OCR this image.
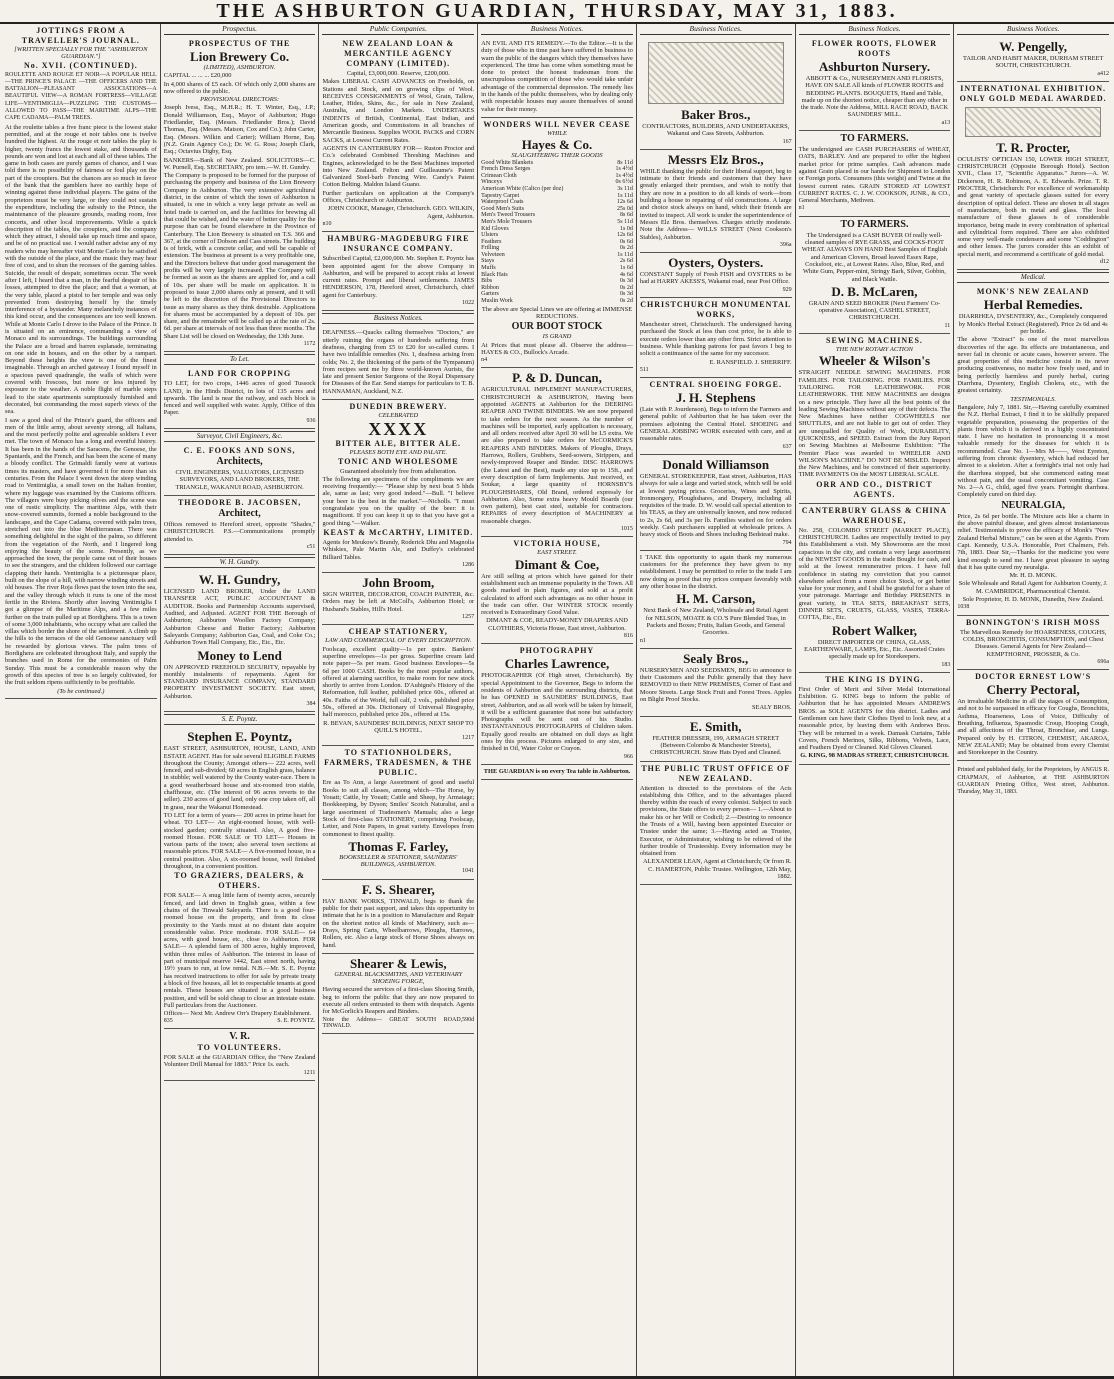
THE ASHBURTON GUARDIAN, THURSDAY, MAY 31, 1883.
JOTTINGS FROM A TRAVELLER'S JOURNAL.
[WRITTEN SPECIALLY FOR THE "ASHBURTON GUARDIAN."]
No. XVII. (CONTINUED).

ROULETTE AND ROUGE ET NOIR—A POPULAR HELL—THE PRINCE'S PALACE —THE OFFICERS AND THE BATTALION—PLEASANT ASSOCIATIONS—A BEAUTIFUL VIEW—A ROMAN FORTRESS—VILLAGE LIFE—VENTIMIGLIA—PUZZLING THE CUSTOMS—ALLOWED TO PASS—THE MARITIME ALPS—THE CAPE CADAMA—PALM TREES.

At the roulette tables a five franc piece is the lowest stake permitted, and at the rouge et noir tables one is twelve hundred the highest. At the rouge et noir tables the play is higher, twenty francs the lowest stake, and thousands of pounds are won and lost at each and all of these tables. The game in both cases are purely games of chance, and I was told there is no possibility of fairness or foul play on the part of the croupiers. But the chances are so much in favor of the bank that the gamblers have no earthly hope of winning against these individual players. The gains of the proprietors must be very large, or they could not sustain the expenditure, including the subsidy to the Prince, the maintenance of the pleasure grounds, reading room, free concerts, and other local improvements. While a quick description of the tables, the croupiers, and the company which they attract, I should take up much time and space, and be of no practical use. I would rather advise any of my readers who may hereafter visit Monte Carlo to be satisfied with the outside of the place, and the music they may hear free of cost, and to shun the recesses of the gaming tables. Suicide, the result of despair, sometimes occur. The week after I left, I heard that a man, in the fearful despair of his losses, attempted to dive the place; and that a woman, at the very table, placed a pistol to her temple and was only prevented from destroying herself by the timely interference of a bystander. Many melancholy instances of this kind occur, and the consequences are too well known. While at Monte Carlo I drove to the Palace of the Prince. It is situated on an eminence, commanding a view of Monaco and its surroundings. The buildings surrounding the Palace are a broad and barren esplanade, terminating on one side in houses, and on the other by a rampart. Beyond these heights the view is one of the finest imaginable. Through an arched gateway I found myself in a spacious paved quadrangle, the walls of which were covered with frescoes, but more or less injured by exposure to the weather. A noble flight of marble steps lead to the state apartments sumptuously furnished and decorated, but commanding the most superb views of the sea.

I saw a good deal of the Prince's guard, the officers and men of the little army, about seventy strong, all Italians, and the most perfectly polite and agreeable soldiers I ever met. The town of Monaco has a long and eventful history. It has been in the hands of the Saracens, the Genoese, the Spaniards, and the French, and has been the scene of many a bloody conflict. The Grimaldi family were at various times its masters, and have governed it for more than six centuries. From the Palace I went down the steep winding road to Ventimiglia, a small town on the Italian frontier, where my luggage was examined by the Customs officers. The villagers were busy picking olives and the scene was one of rustic simplicity. The maritime Alps, with their snow-covered summits, formed a noble background to the landscape, and the Cape Cadama, covered with palm trees, stretched out into the blue Mediterranean. There was something delightful in the sight of the palms, so different from the vegetation of the North, and I lingered long enjoying the beauty of the scene. Presently, as we approached the town, the people came out of their houses to see the strangers, and the children followed our carriage clapping their hands. Ventimiglia is a picturesque place, built on the slope of a hill, with narrow winding streets and old houses. The river Roja flows past the town into the sea, and the valley through which it runs is one of the most fertile in the Riviera. Shortly after leaving Ventimiglia I got a glimpse of the Maritime Alps, and a few miles further on the train pulled up at Bordighera. This is a town of some 3,000 inhabitants, who occupy what are called the villas which border the shore of the settlement. A climb up the hills to the terraces of the old Genoese sanctuary will be rewarded by glorious views. The palm trees of Bordighera are celebrated throughout Italy, and supply the branches used in Rome for the ceremonies of Palm Sunday. This must be a considerable reason why the growth of this species of tree is so largely cultivated, for the fruit seldom ripens sufficiently to be profitable.

(To be continued.)
Prospectus.
PROSPECTUS OF THE
Lion Brewery Co.
(LIMITED), ASHBURTON.

CAPITAL ... ... ... £20,000

In 4,000 shares of £5 each. Of which only 2,000 shares are now offered to the public.

PROVISIONAL DIRECTORS:

Joseph Ivess, Esq., M.H.R.; H. T. Winter, Esq., J.P.; Donald Williamson, Esq., Mayor of Ashburton; Hugo Friedlander, Esq. (Messrs. Friedlander Bros.); David Thomas, Esq. (Messrs. Matson, Cox and Co.); John Carter, Esq. (Messrs. Wilkin and Carter); William Horne, Esq. (N.Z. Grain Agency Co.); Dr. W. G. Ross; Joseph Clark, Esq.; Octavius Digby, Esq.

BANKERS—Bank of New Zealand. SOLICITORS—C. W. Purnell, Esq. SECRETARY, pro tem.—W. H. Gundry.

The Company is proposed to be formed for the purpose of purchasing the property and business of the Lion Brewery Company in Ashburton. The very extensive agricultural district, in the centre of which the town of Ashburton is situated, is one in which a very large private as well as hotel trade is carried on, and the facilities for brewing all that could be wished, and the water of better quality for the purpose than can be found elsewhere in the Province of Canterbury. The Lion Brewery is situated on T.S. 366 and 367, at the corner of Dobson and Cass streets. The building is of brick, with a concrete cellar, and will be capable of extension. The business at present is a very profitable one, and the Directors believe that under good management the profits will be very largely increased. The Company will be formed as soon as the shares are applied for, and a call of 10s. per share will be made on application. It is proposed to issue 2,000 shares only at present, and it will be left to the discretion of the Provisional Directors to issue as many shares as they think desirable. Applications for shares must be accompanied by a deposit of 10s. per share, and the remainder will be called up at the rate of 2s. 6d. per share at intervals of not less than three months. The Share List will be closed on Wednesday, the 13th June.

1172
To Let.
LAND FOR CROPPING

TO LET, for two crops, 1446 acres of good Tussock LAND, in the Hinds District, in lots of 135 acres and upwards. The land is near the railway, and each block is fenced and well supplied with water. Apply, Office of this Paper.

936
Surveyor, Civil Engineers, &c.
C. E. FOOKS AND SONS,
Architects,

CIVIL ENGINEERS, VALUATORS, LICENSED SURVEYORS, AND LAND BROKERS, THE TRIANGLE, WAKANUI ROAD, ASHBURTON.

THEODORE B. JACOBSEN,
Architect,

Offices removed to Hereford street, opposite "Shades," CHRISTCHURCH. P.S.—Communications promptly attended to.

c51
W. H. Gundry.
W. H. Gundry,

LICENSED LAND BROKER, Under the LAND TRANSFER ACT, PUBLIC ACCOUNTANT & AUDITOR. Books and Partnership Accounts supervised, Audited, and Adjusted. AGENT FOR THE Borough of Ashburton; Ashburton Woollen Factory Company; Ashburton Cheese and Butter Factory; Ashburton Saleyards Company; Ashburton Gas, Coal, and Coke Co.; Ashburton Town Hall Company, Etc., Etc., Etc.

Money to Lend

ON APPROVED FREEHOLD SECURITY, repayable by monthly instalments of repayments. Agent for STANDARD INSURANCE COMPANY, STANDARD PROPERTY INVESTMENT SOCIETY. East street, Ashburton.

384
S. E. Poyntz.
Stephen E. Poyntz,

EAST STREET, ASHBURTON, HOUSE, LAND, AND ESTATE AGENT. Has for sale several ELIGIBLE FARMS throughout the County; Amongst others— 222 acres, well fenced, and sub-divided; 60 acres in English grass, balance in stubble; well watered by the County water-race. There is a good weatherboard house and six-roomed iron stable, chaffhouse, etc. (The interest of 96 acres reverts to the seller). 230 acres of good land, only one crop taken off, all in grass, near the Wakanui Homestead.

TO LET for a term of years— 200 acres in prime heart for wheat. TO LET— An eight-roomed house, with well-stocked garden; centrally situated. Also, A good five-roomed House. FOR SALE or TO LET— Houses in various parts of the town; also several town sections at reasonable prices. FOR SALE— A five-roomed house, in a central position. Also, A six-roomed house, well finished throughout, in a convenient position.

TO GRAZIERS, DEALERS, & OTHERS.

FOR SALE— A snug little farm of twenty acres, securely fenced, and laid down in English grass, within a few chains of the Tinwald Saleyards. There is a good four-roomed house on the property, and from its close proximity to the Yards must at no distant date acquire considerable value. Price moderate. FOR SALE— 64 acres, with good house, etc., close to Ashburton. FOR SALE— A splendid farm of 300 acres, highly improved, within three miles of Ashburton. The interest in lease of part of municipal reserve 1442, East street north, having 19½ years to run, at low rental. N.B.—Mr. S. E. Poyntz has received instructions to offer for sale by private treaty a block of five houses, all let to respectable tenants at good rentals. These houses are situated in a good business position, and will be sold cheap to close an intestate estate. Full particulars from the Auctioneer.

Offices— Next Mr. Andrew Orr's Drapery Establishment.

835	S. E. POYNTZ.
V. R.
TO VOLUNTEERS.

FOR SALE at the GUARDIAN Office, the "New Zealand Volunteer Drill Manual for 1883." Price 1s. each.

1211
Public Companies.
NEW ZEALAND LOAN & MERCANTILE AGENCY COMPANY (LIMITED).

Capital, £3,000,000. Reserve, £200,000.

Makes LIBERAL CASH ADVANCES on Freeholds, on Stations and Stock, and on growing clips of Wool. RECEIVES CONSIGNMENTS of Wool, Grain, Tallow, Leather, Hides, Skins, &c., for sale in New Zealand, Australia, and London Markets. UNDERTAKES INDENTS of British, Continental, East Indian, and American goods, and Commissions in all branches of Mercantile Business. Supplies WOOL PACKS and CORN SACKS, at Lowest Current Rates.

AGENTS IN CANTERBURY FOR— Ruston Proctor and Co.'s celebrated Combined Threshing Machines and Engines, acknowledged to be the Best Machines imported into New Zealand. Felton and Guilleaume's Patent Galvanized Steel-barb Fencing Wire. Candy's Patent Cotton Belting. Maldon Island Guano.

Further particulars on application at the Company's Offices, Christchurch or Ashburton.

JOHN COOKE, Manager, Christchurch. GEO. WILKIN, Agent, Ashburton.

n10
HAMBURG-MAGDEBURG FIRE INSURANCE COMPANY.

Subscribed Capital, £2,000,000. Mr. Stephen E. Poyntz has been appointed agent for the above Company in Ashburton, and will be prepared to accept risks at lowest current rates. Prompt and liberal settlements. JAMES HENDERSON, 178, Hereford street, Christchurch, chief agent for Canterbury.

1022
Business Notices.

DEAFNESS.—Quacks calling themselves "Doctors," are utterly ruining the organs of hundreds suffering from deafness, charging from £5 to £20 for so-called cures. I have two infallible remedies (No. 1, deafness arising from colds; No. 2, the thickening of the parts of the Tympanum) from recipes sent me by three world-known Aurists, the late and present Senior Surgeons of the Royal Dispensary for Diseases of the Ear. Send stamps for particulars to T. B. HANNAMAN, Auckland, N.Z.

DUNEDIN BREWERY.
CELEBRATED
XXXX
BITTER ALE, BITTER ALE.
PLEASES BOTH EYE AND PALATE.
TONIC AND WHOLESOME

Guaranteed absolutely free from adulteration.

The following are specimens of the compliments we are receiving frequently:— "Please ship by next boat 5 hhds ale, same as last; very good indeed."—Bull. "I believe your beer is the best in the market."—Nicholls. "I must congratulate you on the quality of the beer: it is magnificent. If you can keep it up to that you have got a good thing."—Walker.

KEAST & McCARTHY, LIMITED.

Agents for Meukow's Brandy, Roderick Dhu and Magnolia Whiskies, Pale Martin Ale, and Duffey's celebrated Billiard Tables.

1286
John Broom,

SIGN WRITER, DECORATOR, COACH PAINTER, &c. Orders may be left at McColl's, Ashburton Hotel; or Husband's Stables, Hill's Hotel.

1257
CHEAP STATIONERY,
LAW AND COMMERCIAL OF EVERY DESCRIPTION.

Foolscap, excellent quality—1s per quire. Bankers' superfine envelopes—1s per gross. Superfine cream laid note paper—5s per ream. Good business Envelopes—5s 6d per 1000 CASH. Books by the most popular authors, offered at alarming sacrifice, to make room for new stock shortly to arrive from London. D'Aubigné's History of the Reformation, full leather, published price 60s., offered at 40s. Faiths of the World, full calf, 2 vols., published price 50s., offered at 30s. Dictionary of Universal Biography, half morocco, published price 20s., offered at 15s.

R. BEVAN, SAUNDERS' BUILDINGS, NEXT SHOP TO QUILL'S HOTEL.

1217
TO STATIONHOLDERS, FARMERS, TRADESMEN, & THE PUBLIC.

Ere aa To Ann, a large Assortment of good and useful Books to suit all classes, among which—The Horse, by Youatt; Cattle, by Youatt; Cattle and Sheep, by Armatage; Bookkeeping, by Dyson; Smiles' Scotch Naturalist, and a large assortment of Tradesmen's Manuals; also a large Stock of first-class STATIONERY, comprising Foolscap, Letter, and Note Papers, in great variety. Envelopes from commonest to finest quality.

Thomas F. Farley,
BOOKSELLER & STATIONER, SAUNDERS' BUILDINGS, ASHBURTON.
1041
F. S. Shearer,

HAY BANK WORKS, TINWALD, begs to thank the public for their past support, and takes this opportunity to intimate that he is in a position to Manufacture and Repair on the shortest notice all kinds of Machinery, such as—Drays, Spring Carts, Wheelbarrows, Ploughs, Harrows, Rollers, etc. Also a large stock of Horse Shoes always on hand.

Shearer & Lewis,
GENERAL BLACKSMITHS, AND VETERINARY SHOEING FORGE,

Having secured the services of a first-class Shoeing Smith, beg to inform the public that they are now prepared to execute all orders entrusted to them with despatch. Agents for McGorlick's Reapers and Binders.

Note the Address— GREAT SOUTH ROAD, TINWALD.
590d
Business Notices.

AN EVIL AND ITS REMEDY.—To the Editor.—It is the duty of those who in time past have suffered in business to warn the public of the dangers which they themselves have experienced. The time has come when something must be done to protect the honest tradesman from the unscrupulous competition of those who would take unfair advantage of the commercial depression. The remedy lies in the hands of the public themselves, who by dealing only with respectable houses may assure themselves of sound value for their money.

WONDERS WILL NEVER CEASE
WHILE
Hayes & Co.
SLAUGHTERING THEIR GOODS
Good White Blankets	8s 11d
French Dress Serges	1s 4½d
Crimean Cloth	1s 4½d
Winceys	0s 6½d
American White (Calico (per doz)	3s 11d
Tapestry Carpet	1s 11d
Waterproof Coats	12s 6d
Good Men's Suits	25s 0d
Men's Tweed Trousers	8s 6d
Men's Mole Trousers	5s 11d
Kid Gloves	1s 0d
Ulsters	12s 6d
Feathers	0s 6d
Frilling	0s 2d
Velveteen	1s 11d
Stays	2s 6d
Muffs	1s 6d
Black Hats	4s 6d
Bibs	0s 3d
Ribbon	0s 2d
Garters	0s 3d
Muslin Work	0s 2d

The above are Special Lines we are offering at IMMENSE REDUCTIONS.

OUR BOOT STOCK
IS GRAND

At Prices that must please all. Observe the address— HAYES & CO., Bullock's Arcade.

n4
P. & D. Duncan,

AGRICULTURAL IMPLEMENT MANUFACTURERS, CHRISTCHURCH & ASHBURTON, Having been appointed AGENTS at Ashburton for the DEERING REAPER AND TWINE BINDERS. We are now prepared to take orders for the next season. As the number of machines will be imported, early application is necessary, and all orders received after April 30 will be L5 extra. We are also prepared to take orders for McCORMICK'S REAPERS AND BINDERS. Makers of Ploughs, Drays, Harrows, Rollers, Grubbers, Seed-sowers, Strippers, and newly-improved Reaper and Binder. DISC HARROWS (the Latest and the Best), made any size up to 15ft., and every description of farm Implements. Just received, ex Soukar, a large quantity of HORNSBY'S PLOUGHSHARES, Old Brand, ordered expressly for Ashburton. Also, Some extra heavy Mould Boards (our own pattern), best cast steel, suitable for contractors. REPAIRS of every description of MACHINERY at reasonable charges.

1015
VICTORIA HOUSE,
EAST STREET.
Dimant & Coe,

Are still selling at prices which have gained for their establishment such an immense popularity in the Town. All goods marked in plain figures, and sold at a profit calculated to afford such advantages as no other house in the trade can offer. Our WINTER STOCK recently received is Extraordinary Good Value.

DIMANT & COE, READY-MONEY DRAPERS AND CLOTHIERS, Victoria House, East street, Ashburton.

816
PHOTOGRAPHY
Charles Lawrence,

PHOTOGRAPHER (Of High street, Christchurch). By special Appointment to the Governor, Begs to inform the residents of Ashburton and the surrounding districts, that he has OPENED in SAUNDERS' BUILDINGS, East street, Ashburton, and as all work will be taken by himself, it will be a sufficient guarantee that none but satisfactory Photographs will be sent out of his Studio. INSTANTANEOUS PHOTOGRAPHS of Children taken. Equally good results are obtained on dull days as light ones by this process. Pictures enlarged to any size, and finished in Oil, Water Color or Crayon.

966

THE GUARDIAN is on every Tea table in Ashburton.

Business Notices.
Baker Bros.,

CONTRACTORS, BUILDERS, AND UNDERTAKERS, Wakanui and Cass Streets, Ashburton.

167
Messrs Elz Bros.,

WHILE thanking the public for their liberal support, beg to intimate to their friends and customers that they have greatly enlarged their premises, and wish to notify that they are now in a position to do all kinds of work—from building a house to repairing of old constructions. A large and choice stock always on hand, which their friends are invited to inspect. All work is under the superintendence of Messrs Elz Bros. themselves. Charges strictly moderate. Note the Address— WILLS STREET (Next Cookson's Stables), Ashburton.

396a
Oysters, Oysters.

CONSTANT Supply of Fresh FISH and OYSTERS to be had at HARRY AKESS'S, Wakanui road, near Post Office.

929
CHRISTCHURCH MONUMENTAL WORKS,

Manchester street, Christchurch. The undersigned having purchased the Stock at less than cost price, he is able to execute orders lower than any other firm. Strict attention to business. While thanking patrons for past favors I beg to solicit a continuance of the same for my successor.

E. RANSFIELD. J. SHERRIFF.

511
CENTRAL SHOEING FORGE.
J. H. Stephens

(Late with P. Jourdenson), Begs to inform the Farmers and general public of Ashburton that he has taken over the premises adjoining the Central Hotel. SHOEING and GENERAL JOBBING WORK executed with care, and at reasonable rates.

637
Donald Williamson

GENERAL STOREKEEPER, East street, Ashburton, HAS always for sale a large and varied stock, which will be sold at lowest paying prices. Groceries, Wines and Spirits, Ironmongery, Ploughshares, and Drapery, including all requisites of the trade. D. W. would call special attention to his TEAS, as they are universally known, and now reduced to 2s, 2s 6d, and 3s per lb. Families waited on for orders weekly. Cash purchasers supplied at wholesale prices. A heavy stock of Boots and Shoes including Bedstead make.

794

I TAKE this opportunity to again thank my numerous customers for the preference they have given to my establishment. I may be permitted to refer to the trade I am now doing as proof that my prices compare favorably with any other house in the district.

H. M. Carson,

Next Bank of New Zealand, Wholesale and Retail Agent for NELSON, MOATE & CO.'S Pure Blended Teas, in Packets and Boxes; Fruits, Italian Goods, and General Groceries.

n1
Sealy Bros.,

NURSERYMEN AND SEEDSMEN, BEG to announce to their Customers and the Public generally that they have REMOVED to their NEW PREMISES, Corner of East and Moore Streets. Large Stock Fruit and Forest Trees. Apples on Blight Proof Stocks.

SEALY BROS.

E. Smith,

FEATHER DRESSER, 199, ARMAGH STREET (Between Colombo & Manchester Streets), CHRISTCHURCH. Straw Hats Dyed and Cleaned.

THE PUBLIC TRUST OFFICE OF NEW ZEALAND.

Attention is directed to the provisions of the Acts establishing this Office, and to the advantages placed thereby within the reach of every colonist. Subject to such provisions, the State offers to every person— 1.—About to make his or her Will or Codicil; 2.—Desiring to renounce the Trusts of a Will, having been appointed Executor or Trustee under the same; 3.—Having acted as Trustee, Executor, or Administrator, wishing to be relieved of the further trouble of Trusteeship. Every information may be obtained from

ALEXANDER LEAN, Agent at Christchurch; Or from R. C. HAMERTON, Public Trustee. Wellington, 12th May, 1882.

Business Notices.
FLOWER ROOTS, FLOWER ROOTS
Ashburton Nursery.

ABBOTT & Co., NURSERYMEN AND FLORISTS, HAVE ON SALE All kinds of FLOWER ROOTS and BEDDING PLANTS. BOUQUETS, Hand and Table, made up on the shortest notice, cheaper than any other in the trade. Note the Address, MILL RACE ROAD, BACK SAUNDERS' MILL.

a13
TO FARMERS.

The undersigned are CASH PURCHASERS of WHEAT, OATS, BARLEY. And are prepared to offer the highest market price for prime samples. Cash advances made against Grain placed in our hands for Shipment to London or Foreign ports. Consumers (this weight) and Twine at the lowest current rates. GRAIN STORED AT LOWEST CURRENT RATES. C. J. W. COOKSON, JUNR., & CO., General Merchants, Methven.

n1
TO FARMERS.

The Undersigned is a CASH BUYER Of really well-cleaned samples of RYE GRASS, and COCKS-FOOT WHEAT. ALWAYS ON HAND Best Samples of English and American Clovers, Broad leaved Essex Rape, Cocksfoot, etc., at Lowest Rates. Also, Blue, Red, and White Gum, Pepper-mint, Stringy Bark, Silver, Gobbin, and Black Wattle.

D. B. McLaren,

GRAIN AND SEED BROKER (Next Farmers' Co-operative Association), CASHEL STREET, CHRISTCHURCH.

11
SEWING MACHINES.
THE NEW ROTARY ACTION
Wheeler & Wilson's

STRAIGHT NEEDLE SEWING MACHINES. FOR FAMILIES. FOR TAILORING. FOR FAMILIES. FOR TAILORING. FOR LEATHERWORK. FOR LEATHERWORK. THE NEW MACHINES are designs on a new principle. They have all the best points of the leading Sewing Machines without any of their defects. The New Machines have neither COGWHEELS nor SHUTTLES, and are not liable to get out of order. They are unequalled for Quality of Work, DURABILITY, QUICKNESS, and SPEED. Extract from the Jury Report on Sewing Machines at Melbourne Exhibition: "The Premier Place was awarded to WHEELER AND WILSON'S MACHINE." DO NOT BE MISLED. Inspect the New Machines, and be convinced of their superiority. TIME PAYMENTS On the MOST LIBERAL SCALE.

ORR AND CO., DISTRICT AGENTS.
CANTERBURY GLASS & CHINA WAREHOUSE,

No. 258, COLOMBO STREET (MARKET PLACE), CHRISTCHURCH. Ladies are respectfully invited to pay this Establishment a visit. My Showrooms are the most capacious in the city, and contain a very large assortment of the NEWEST GOODS in the trade Bought for cash, and sold at the lowest remunerative prices. I have full confidence in stating my conviction that you cannot elsewhere select from a more choice Stock, or get better value for your money, and I shall be grateful for a share of your patronage. Marriage and Birthday PRESENTS in great variety, in TEA SETS, BREAKFAST SETS, DINNER SETS, CRUETS, GLASS, VASES, TERRA-COTTA, Etc., Etc.

Robert Walker,

DIRECT IMPORTER OF CHINA, GLASS, EARTHENWARE, LAMPS, Etc., Etc. Assorted Crates specially made up for Storekeepers.

183
THE KING IS DYING.

First Order of Merit and Silver Medal International Exhibition. G. KING begs to inform the public of Ashburton that he has appointed Messrs ANDREWS BROS. as SOLE AGENTS for this district. Ladies and Gentlemen can have their Clothes Dyed to look new, at a reasonable price, by leaving them with Andrews Bros. They will be returned in a week. Damask Curtains, Table Covers, French Merinos, Silks, Ribbons, Velvets, Lace, and Feathers Dyed or Cleaned. Kid Gloves Cleaned.

G. KING, 98 MADRAS STREET, CHRISTCHURCH.

Business Notices.
W. Pengelly,

TAILOR AND HABIT MAKER, DURHAM STREET SOUTH, CHRISTCHURCH.

a412
INTERNATIONAL EXHIBITION.
ONLY GOLD MEDAL AWARDED.
T. R. Procter,

OCULISTS' OPTICIAN 150, LOWER HIGH STREET, CHRISTCHURCH (Opposite Borough Hotel). Section XVII., Class 17, "Scientific Apparatus." Jurors—A. W. Dickerson, H. R. Robinson, A. E. Edwards. Prize. T. R. PROCTER, Christchurch: For excellence of workmanship and great variety of spectacle glasses suited for every description of optical defect. These are shown in all stages of manufacture, both in metal and glass. The local manufacture of these glasses is of considerable importance, being made in every combination of spherical and cylindrical form required. There are also exhibited some very well-made condensers and some "Coddington" and other lenses. The jurors consider this an exhibit of special merit, and recommend a certificate of gold medal.

d12
Medical.
MONK'S NEW ZEALAND
Herbal Remedies.

DIARRHŒA, DYSENTERY, &c., Completely conquered by Monk's Herbal Extract (Registered). Price 2s 6d and 4s per bottle.

The above "Extract" is one of the most marvellous discoveries of the age. Its effects are instantaneous, and never fail in chronic or acute cases, however severe. The great properties of this medicine consist in its never producing costiveness, no matter how freely used, and in being perfectly harmless and purely herbal, curing Diarrhœa, Dysentery, English Cholera, etc., with the greatest certainty.

TESTIMONIALS.

Bangalore, July 7, 1881. Sir,—Having carefully examined the N.Z. Herbal Extract, I find it to be skilfully prepared vegetable preparation, possessing the properties of the plants from which it is derived in a highly concentrated state. I have no hesitation in pronouncing it a most valuable remedy for the diseases for which it is recommended. Case No. 1—Mrs M——, West Eyreton, suffering from chronic dysentery, which had reduced her almost to a skeleton. After a fortnight's trial not only had the diarrhœa stopped, but she commenced eating meat without pain, and the usual concomitant vomiting. Case No. 2—A G., child, aged five years. Fortnight diarrhœa. Completely cured on third day.

NEURALGIA,

Price, 2s 6d per bottle. The Mixture acts like a charm in the above painful disease, and gives almost instantaneous relief. Testimonials to prove the efficacy of Monk's "New Zealand Herbal Mixture," can be seen at the Agents. From Capt. Kennedy, U.S.A. Honorable, Port Chalmers, Feb. 7th, 1883. Dear Sir,—Thanks for the medicine you were kind enough to send me. I have great pleasure in saying that it has quite cured my neuralgia.

Mr. H. D. MONK.

Sole Wholesale and Retail Agent for Ashburton County, J. M. CAMBRIDGE, Pharmaceutical Chemist.

Sole Proprietor, H. D. MONK, Dunedin, New Zealand.

1038
BONNINGTON'S IRISH MOSS

The Marvellous Remedy for HOARSENESS, COUGHS, COLDS, BRONCHITIS, CONSUMPTION, and Chest Diseases. General Agents for New Zealand— KEMPTHORNE, PROSSER, & Co.

696a
DOCTOR ERNEST LOW'S
Cherry Pectoral,

An invaluable Medicine in all the stages of Consumption, and not to be surpassed in efficacy for Coughs, Bronchitis, Asthma, Hoarseness, Loss of Voice, Difficulty of Breathing, Influenza, Spasmodic Croup, Hooping Cough, and all affections of the Throat, Bronchiae, and Lungs. Prepared only by H. CITRON, CHEMIST, AKAROA, NEW ZEALAND; May be obtained from every Chemist and Storekeeper in the Country.

Printed and published daily, for the Proprietors, by ANGUS R. CHAPMAN, of Ashburton, at THE ASHBURTON GUARDIAN Printing Office, West street, Ashburton. Thursday, May 31, 1883.
